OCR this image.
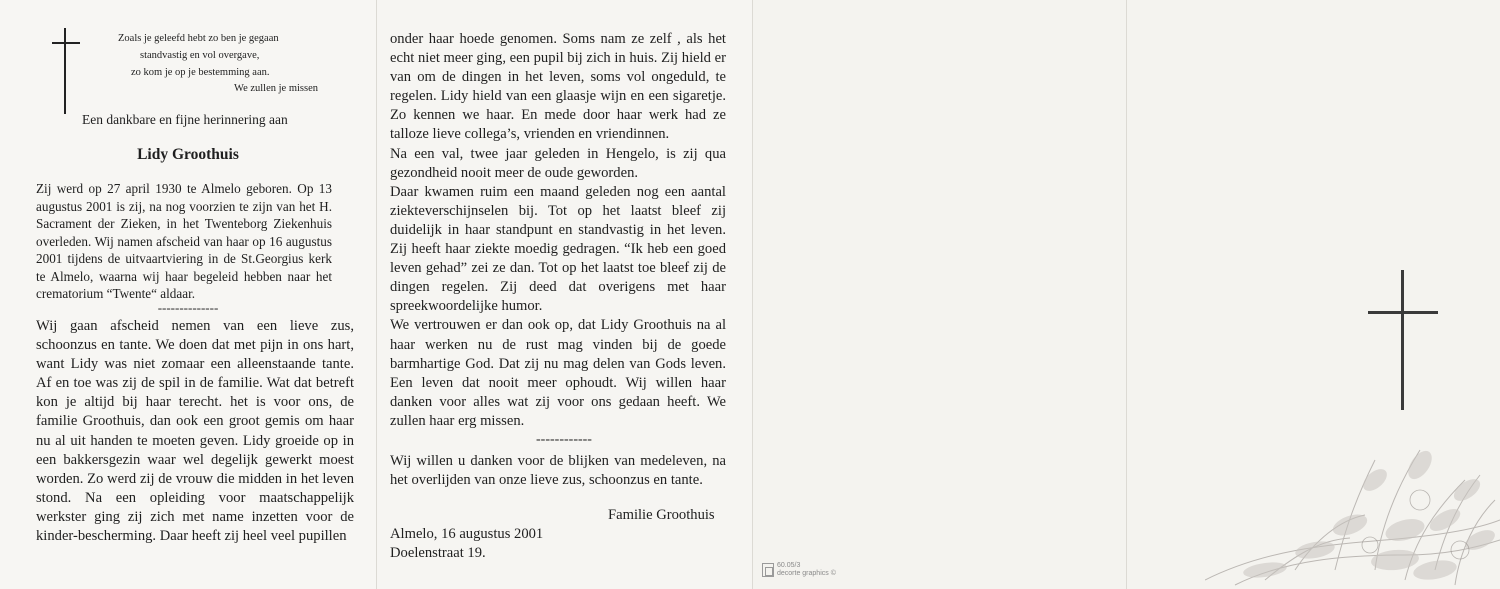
Zoals je geleefd hebt zo ben je gegaan
standvastig en vol overgave,
zo kom je op je bestemming aan.
We zullen je missen
Een dankbare en fijne herinnering aan
Lidy Groothuis

Zij werd op 27 april 1930 te Almelo geboren. Op 13 augustus 2001 is zij, na nog voorzien te zijn van het H. Sacrament der Zieken, in het Twenteborg Ziekenhuis overleden. Wij namen afscheid van haar op 16 augustus 2001 tijdens de uitvaartviering in de St.Georgius kerk te Almelo, waarna wij haar begeleid hebben naar het crematorium “Twente“ aldaar.

--------------

Wij gaan afscheid nemen van een lieve zus, schoonzus en tante. We doen dat met pijn in ons hart, want Lidy was niet zomaar een alleenstaande tante. Af en toe was zij de spil in de familie. Wat dat betreft kon je altijd bij haar terecht. het is voor ons, de familie Groothuis, dan ook een groot gemis om haar nu al uit handen te moeten geven. Lidy groeide op in een bakkersgezin waar wel degelijk gewerkt moest worden. Zo werd zij de vrouw die midden in het leven stond. Na een opleiding voor maatschappelijk werkster ging zij zich met name inzetten voor de kinder-bescherming. Daar heeft zij heel veel pupillen

onder haar hoede genomen. Soms nam ze zelf , als het echt niet meer ging, een pupil bij zich in huis. Zij hield er van om de dingen in het leven, soms vol ongeduld, te regelen. Lidy hield van een glaasje wijn en een sigaretje. Zo kennen we haar. En mede door haar werk had ze talloze lieve collega’s, vrienden en vriendinnen.
Na een val, twee jaar geleden in Hengelo, is zij qua gezondheid nooit meer de oude geworden.
Daar kwamen ruim een maand geleden nog een aantal ziekteverschijnselen bij. Tot op het laatst bleef zij duidelijk in haar standpunt en standvastig in het leven. Zij heeft haar ziekte moedig gedragen. “Ik heb een goed leven gehad” zei ze dan. Tot op het laatst toe bleef zij de dingen regelen. Zij deed dat overigens met haar spreekwoordelijke humor.
We vertrouwen er dan ook op, dat Lidy Groothuis na al haar werken nu de rust mag vinden bij de goede barmhartige God. Dat zij nu mag delen van Gods leven. Een leven dat nooit meer ophoudt. Wij willen haar danken voor alles wat zij voor ons gedaan heeft. We zullen haar erg missen.

------------

Wij willen u danken voor de blijken van medeleven, na het overlijden van onze lieve zus, schoonzus en tante.

Familie Groothuis
Almelo, 16 augustus 2001
Doelenstraat 19.
60.05/3
decorte graphics ©
